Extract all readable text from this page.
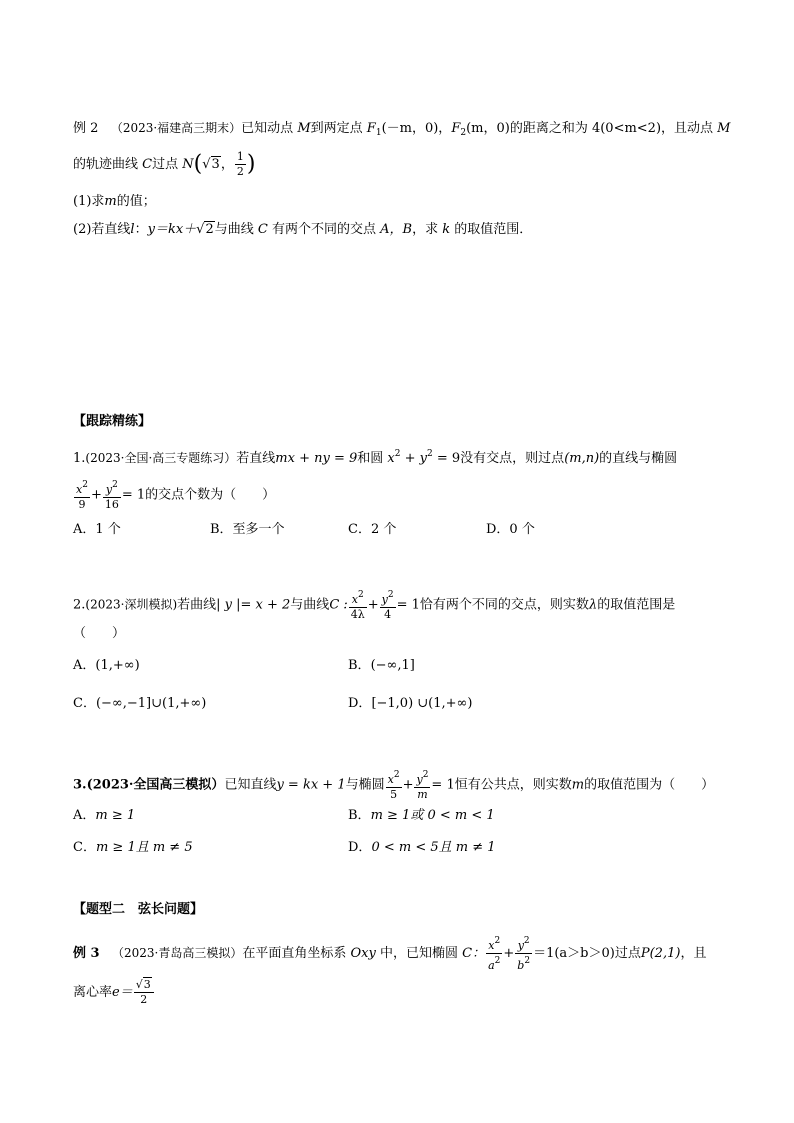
例 2 （2023·福建高三期末）已知动点 M到两定点 $F_1(-m$，0)，$F_2(m$，0)的距离之和为 4(0<m<2)，且动点 M
的轨迹曲线 C过点 N(√3， $\frac{1}{2}$ )
(1)求m的值；
(2)若直线l：y＝kx＋√2与曲线 C 有两个不同的交点 A，B，求 k 的取值范围．
【跟踪精练】
1.(2023·全国·高三专题练习）若直线mx + ny = 9和圆 $x^2 + y^2 = 9$没有交点，则过点(m,n)的直线与椭圆
$\frac{x^2}{9} + \frac{y^2}{16} = 1$的交点个数为（　　）
A．1 个	B．至多一个	C．2 个	D．0 个
2.(2023·深圳模拟)若曲线| y |= x + 2与曲线C : $\frac{x^2}{4\lambda} + \frac{y^2}{4} = 1$恰有两个不同的交点，则实数λ的取值范围是
（　　）
A．(1,+∞)	B．(−∞,1]
C．(−∞,−1]∪(1,+∞)	D．[−1,0) ∪(1,+∞)
3.(2023·全国高三模拟）已知直线y = kx + 1与椭圆 $\frac{x^2}{5} + \frac{y^2}{m} = 1$恒有公共点，则实数m的取值范围为（　　）
A．m ≥ 1	B．m ≥ 1或 0 < m < 1
C．m ≥ 1且 m ≠ 5	D．0 < m < 5且 m ≠ 1
【题型二　弦长问题】
例 3 （2023·青岛高三模拟）在平面直角坐标系 Oxy 中，已知椭圆 C： $\frac{x^2}{a^2} + \frac{y^2}{b^2} =1(a>b>0)$过点P(2,1)，且
离心率$e= \frac{√3}{2}$
